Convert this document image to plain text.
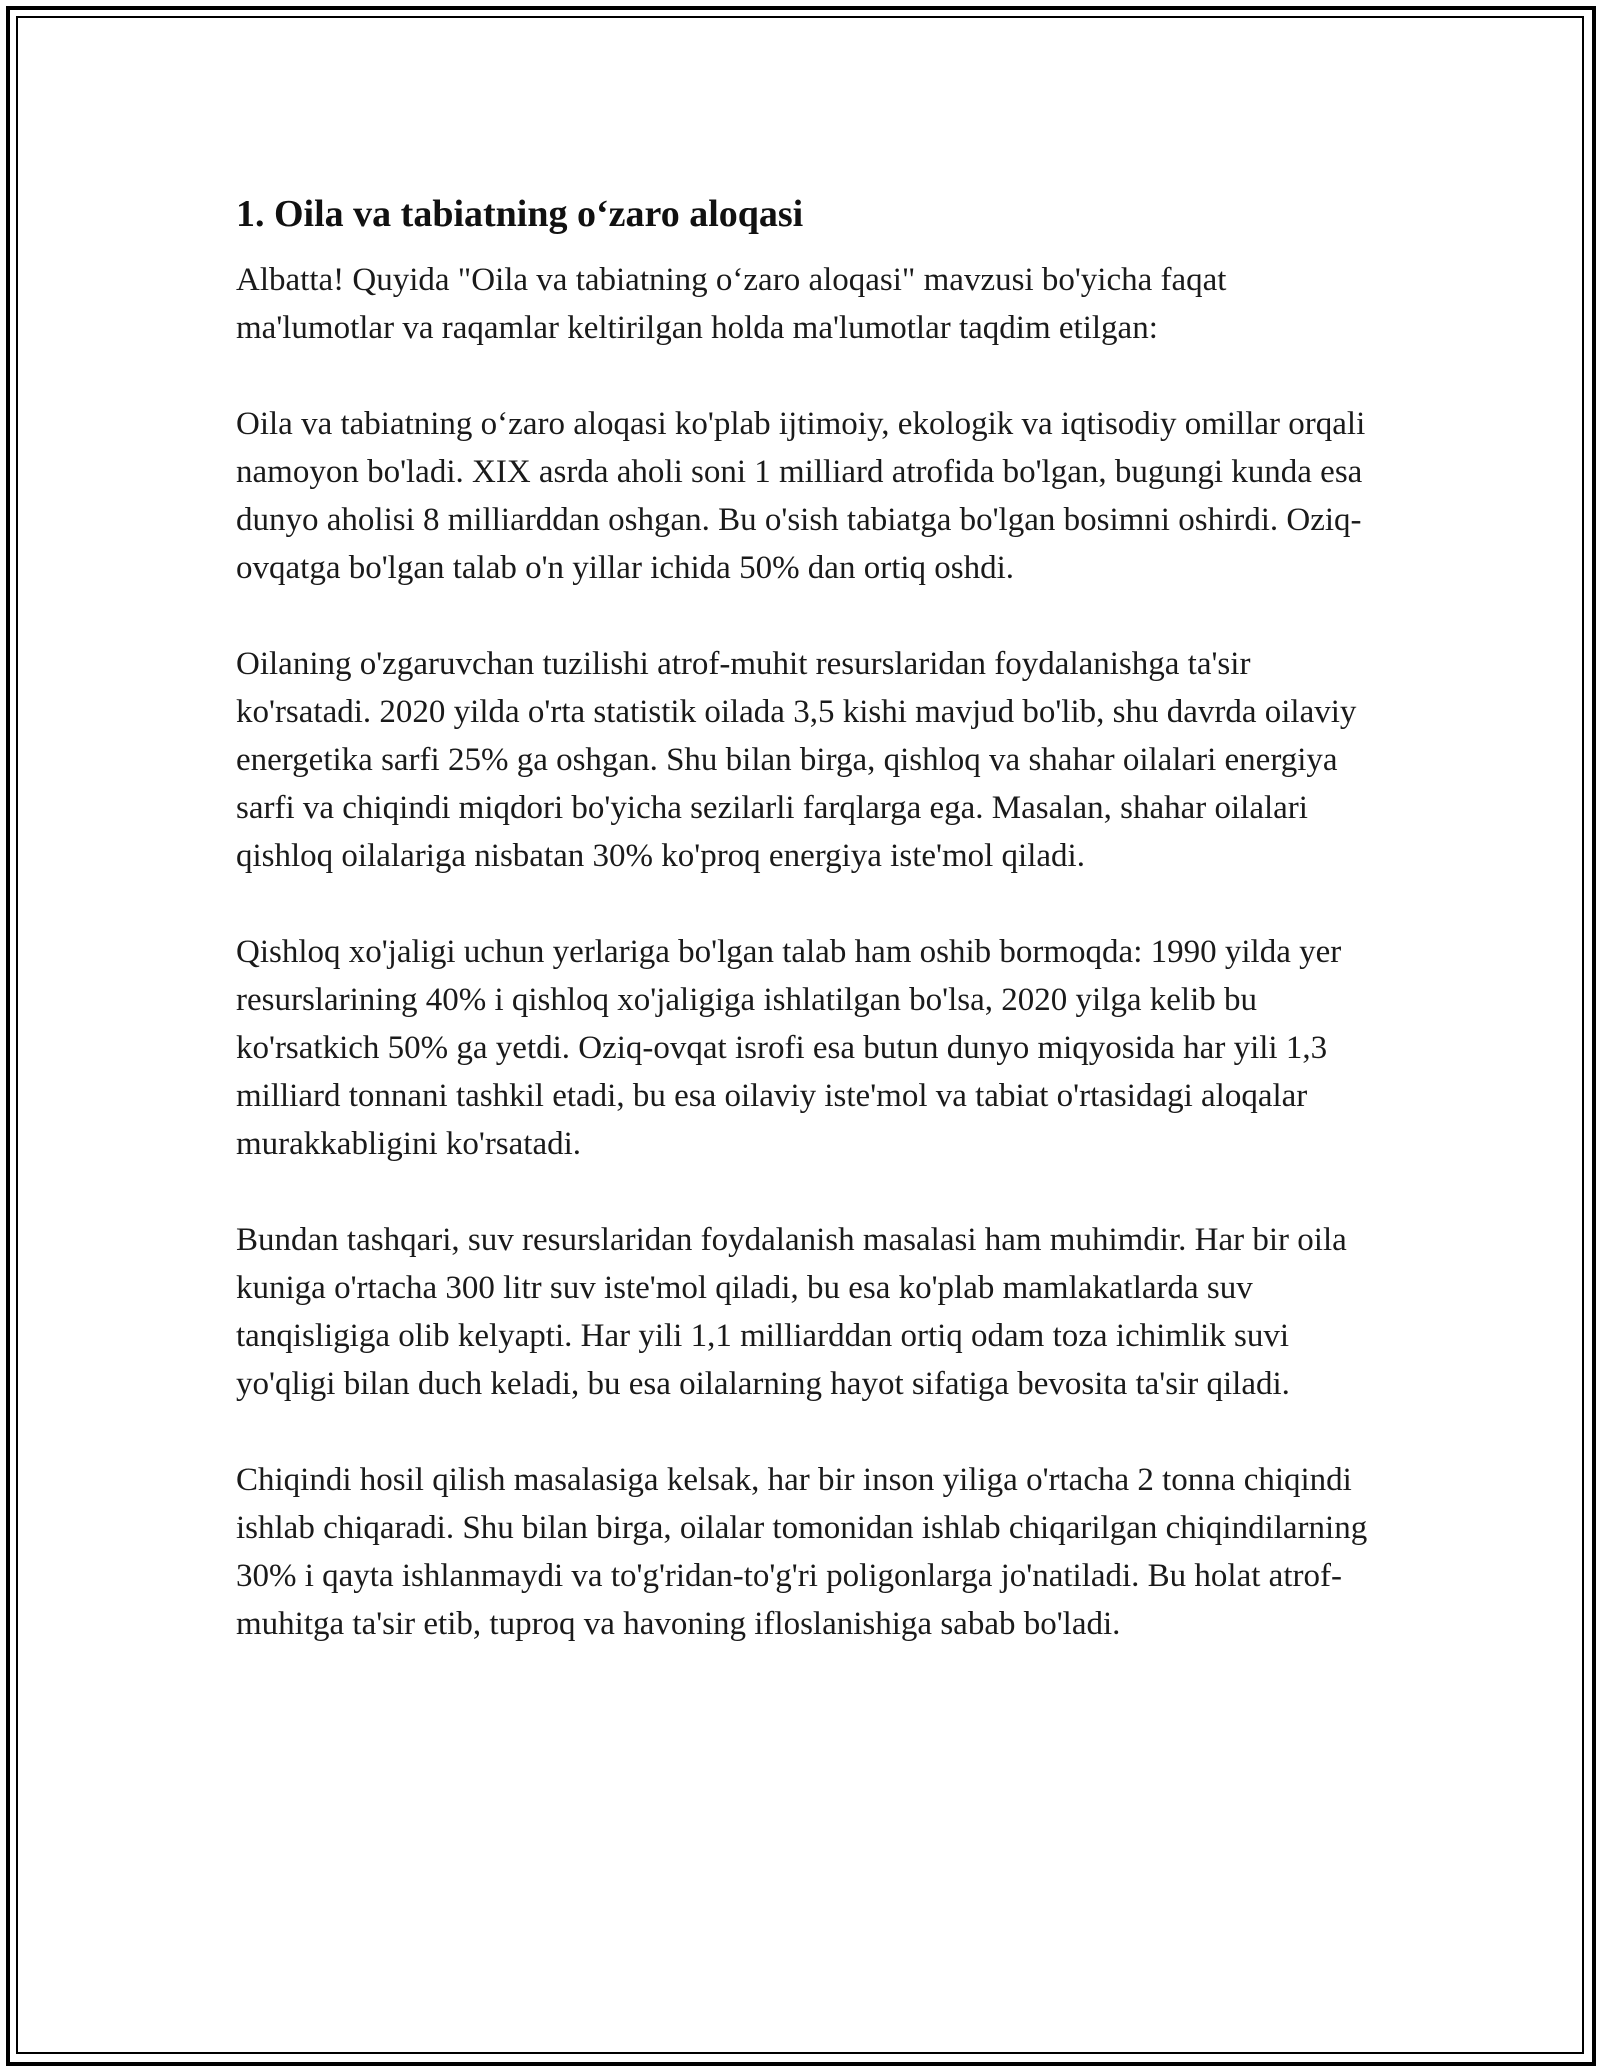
1. Oila va tabiatning o‘zaro aloqasi

Albatta! Quyida "Oila va tabiatning o‘zaro aloqasi" mavzusi bo'yicha faqat ma'lumotlar va raqamlar keltirilgan holda ma'lumotlar taqdim etilgan:

Oila va tabiatning o‘zaro aloqasi ko'plab ijtimoiy, ekologik va iqtisodiy omillar orqali namoyon bo'ladi. XIX asrda aholi soni 1 milliard atrofida bo'lgan, bugungi kunda esa dunyo aholisi 8 milliarddan oshgan. Bu o'sish tabiatga bo'lgan bosimni oshirdi. Oziq-ovqatga bo'lgan talab o'n yillar ichida 50% dan ortiq oshdi.

Oilaning o'zgaruvchan tuzilishi atrof-muhit resurslaridan foydalanishga ta'sir ko'rsatadi. 2020 yilda o'rta statistik oilada 3,5 kishi mavjud bo'lib, shu davrda oilaviy energetika sarfi 25% ga oshgan. Shu bilan birga, qishloq va shahar oilalari energiya sarfi va chiqindi miqdori bo'yicha sezilarli farqlarga ega. Masalan, shahar oilalari qishloq oilalariga nisbatan 30% ko'proq energiya iste'mol qiladi.

Qishloq xo'jaligi uchun yerlariga bo'lgan talab ham oshib bormoqda: 1990 yilda yer resurslarining 40% i qishloq xo'jaligiga ishlatilgan bo'lsa, 2020 yilga kelib bu ko'rsatkich 50% ga yetdi. Oziq-ovqat isrofi esa butun dunyo miqyosida har yili 1,3 milliard tonnani tashkil etadi, bu esa oilaviy iste'mol va tabiat o'rtasidagi aloqalar murakkabligini ko'rsatadi.

Bundan tashqari, suv resurslaridan foydalanish masalasi ham muhimdir. Har bir oila kuniga o'rtacha 300 litr suv iste'mol qiladi, bu esa ko'plab mamlakatlarda suv tanqisligiga olib kelyapti. Har yili 1,1 milliarddan ortiq odam toza ichimlik suvi yo'qligi bilan duch keladi, bu esa oilalarning hayot sifatiga bevosita ta'sir qiladi.

Chiqindi hosil qilish masalasiga kelsak, har bir inson yiliga o'rtacha 2 tonna chiqindi ishlab chiqaradi. Shu bilan birga, oilalar tomonidan ishlab chiqarilgan chiqindilarning 30% i qayta ishlanmaydi va to'g'ridan-to'g'ri poligonlarga jo'natiladi. Bu holat atrof-muhitga ta'sir etib, tuproq va havoning ifloslanishiga sabab bo'ladi.
